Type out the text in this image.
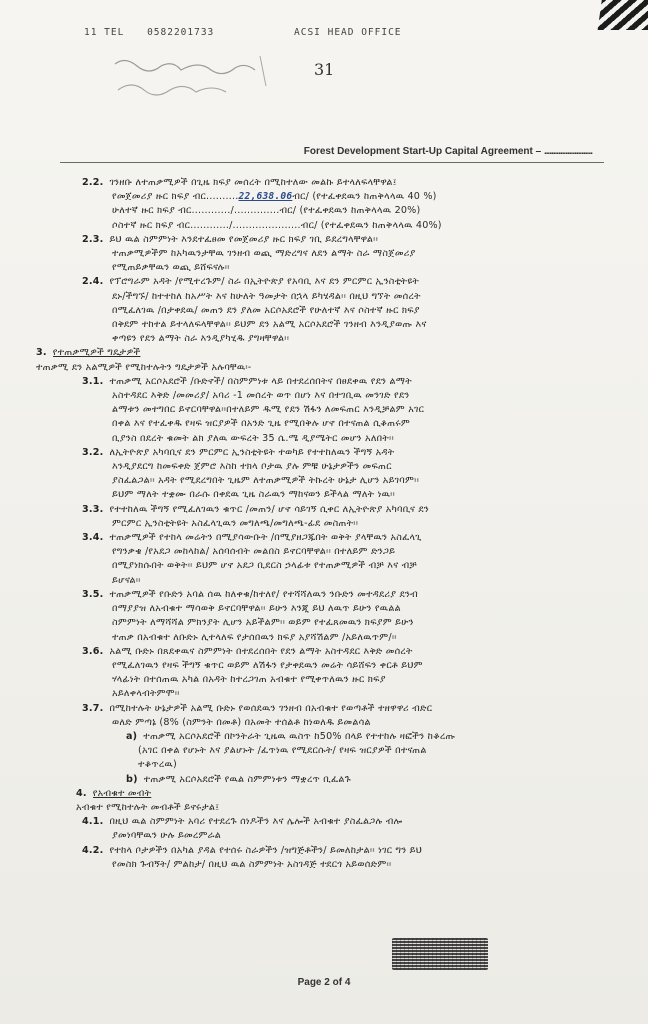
11 TEL 0582201733	ACSI HEAD OFFICE
31
Forest Development Start-Up Capital Agreement – ...........................
2.2. ገንዘቡ ለተጠቃሚዎች በጊዜ ክፍያ መሰረት በሚከተለው መልኩ ይተላለፍላቸዋል፤
የመጀመሪያ ዙር ክፍያ ብር..........22,638.06ብር/ (የተፈቀደዉን ከጠቅላላዉ 40 %)
ሁለተኛ ዙር ክፍያ ብር............/..............ብር/ (የተፈቀደዉን ከጠቅላላዉ 20%)
ሶስተኛ ዙር ክፍያ ብር............/.....................ብር/ (የተፈቀደዉን ከጠቅላላዉ 40%)
2.3. ይህ ዉል ስምምነት እንደተፈፀመ የመጀመሪያ ዙር ክፍያ ገቢ ይደረግላቸዋል፡፡
ተጠቃሚዎችም ከአካዉንታቸዉ ገንዘብ ወጪ ማድረግና ለደን ልማት ስራ ማስጀመሪያ
የሚጠይቃቸዉን ወጪ ይሸፍናሉ፡፡
2.4. የፕሮግራም አዳት /የሚተረጉም/ ስራ በኢትዮጵያ የአባቢ እና ደን ምርምር ኢንስቲትዩት
ደኑ/ችግኙ/ ከተተከለ ከአሥት እና ከሁለት ዓመታት በኋላ ይካሄዳል፡፡ በዚህ ግኘት መሰረት
በሚፈለገዉ /በታቀደዉ/ መጠን ደን ያለመ አርሶአደሮች የሁለተኛ እና ሶስተኛ ዙር ክፍያ
በቅደም ተከተል ይተላለፍላቸዋል፡፡ ይህም ደን አልሚ አርሶአደሮች ገንዘብ እንዲያወጡ እና
ቀጣዩን የደን ልማት ስራ እንዲያካሂዱ ያግዛቸዋል፡፡
3. የተጠቃሚዎች ግዴታዎች
ተጠቃሚ ደን አልሚዎች የሚከተሉትን ግዴታዎች አሉባቸዉ፡-
3.1. ተጠቃሚ አርሶአደሮች /ቡድኖች/ በስምምነቱ ላይ በተደረሰበትና በፀደቀዉ የደን ልማት
አስተዳደር እቅድ /መመሪያ/ አባሪ -1 መሰረት ወጥ በሆነ እና በተገቢዉ መንገድ የደን
ልማቱን መተግበር ይኖርባቸዋል፡፡በተለይም ዱሚ የደን ሽፋን ለመፍጠር እንዲቻልም አገር
በቀል እና የተፈቀዱ የዛፍ ዝርያዎች በአንድ ጊዜ የሚበቅሉ ሆኖ በተናጠል ሲቆጠሩም
ቢያንስ በደረት ቁመት ልክ ያለዉ ውፍረት 35 ሴ.ሜ ዲያሜትር መሆን አለበት፡፡
3.2. ለኢትዮጵያ አካባቢና ደን ምርምር ኢንስቲትዩት ተወካይ የተተከለዉን ችግኝ አዳት
እንዲያደርግ ከመፍቀድ ጀምሮ እስከ ተክላ ቦታዉ ያሉ ምቹ ሁኔታዎችን መፍጠር
ያስፈልጋል፡፡ አዳት የሚደረግበት ጊዜም ለተጠቃሚዎች ትኩረት ሁኔታ ሊሆን አይገባም፡፡
ይህም ማለት ተቋሙ በራሱ በቀደዉ ጊዜ ስራዉን ማከናወን ይችላል ማለት ነዉ፡፡
3.3. የተተከለዉ ችግኝ የሚፈለገዉን ቁጥር /መጠን/ ሆኖ ሳይገኝ ሲቀር ለኢትዮጵያ አካባቢና ደን
ምርምር ኢንስቲትዩት አስፈላጊዉን መግለጫ/መግለጫ-ፊደ መስጠት፡፡
3.4. ተጠቃሚዎች የተከላ መሬትን በሚያሳውቡት /በሚያዘጋጁበት ወቅት ያላቸዉን አስፈላጊ
የግንቃቄ /የአደጋ መከላከል/ አሰባሰብት መልበስ ይኖርባቸዋል፡፡ በተለይም ድንጋይ
በሚያነክሱበት ወቅት፡፡ ይህም ሆኖ አደጋ ቢደርስ ኃላፊቱ የተጠቃሚዎች ብቻ እና ብቻ
ይሆናል፡፡
3.5. ተጠቃሚዎች የቡድን አባል ሰዉ ከለቀቁ/ከተለየ/ የተሻሻለዉን ንቡድን መተዳደሪያ ደንብ
በማያያዝ ለአብቁተ ማሳወቅ ይኖርባቸዋል፡፡ ይሁን እንጂ ይህ ለዉጥ ይሁን የዉልል
ስምምነት ለማሻሻል ምክንያት ሊሆን አይችልም፡፡ ወይም የተፈጸመዉን ክፍያም ይሁን
ተጠቃ በአብቁተ ለቡድኑ ሊተላለፍ የታሰበዉን ክፍያ አያሻሽልም /አይለዉጥም/፡፡
3.6. አልሚ ቡድኑ በጸደቀዉና ስምምነት በተደረሰበት የደን ልማት አስተዳደር እቅድ መሰረት
የሚፈለገዉን የዛፍ ችግኝ ቁጥር ወይም ለሽፋን የታቀደዉን መሬት ሳይሸፍን ቀርቶ ይህም
ሃላፊነት በተሰጠዉ አካል በአዳት ከተረጋገጠ አብቁተ የሚቀጥለዉን ዙር ክፍያ
አይለቀላብትምሞ፡፡
3.7. በሚከተሉት ሁኔታዎች አልሚ ቡድኑ የወሰደዉን ገንዘብ በአብቁተ የወጣቶች ተዘዋዋሪ ብድር
ወለድ ምጣኔ (8% (ስምንት በመቶ) በአመት ተሰልቶ ከነወለዱ ይመልሳል
a) ተጠቃሚ አርሶአደሮች በኮንትራት ጊዜዉ ዉስጥ ከ50% በላይ የተተከሉ ዛፎችን ከቆረጡ
(አገር በቀል የሆኑት እና ያልሆኑት /ፈጥነዉ የሚደርሱት/ የዛፍ ዝርያዎች በተናጠል
ተቆጥረዉ)
b) ተጠቃሚ አርሶአደሮች የዉል ስምምነቱን ማቋረጥ ቢፈልጉ
4. የአብቁተ መብት
አብቁተ የሚከተሉት መብቶች ይኖሩታል፤
4.1. በዚህ ዉል ስምምነት አባሪ የተደረጉ ሰነዶችን እና ሌሎች አብቁተ ያስፈልጋሉ ብሎ
ያመነባቸዉን ሁሉ ይመረምራል
4.2. የተከላ ቦታዎችን በአካል ያዳል የተሰሩ ስራዎችን /ዝግጅቶችን/ ይመለከታል፡፡ ነገር ግን ይህ
የመስክ ጉብኝት/ ምልከታ/ በዚህ ዉል ስምምነት አስገዳጅ ተደርጎ አይወሰድም፡፡
Page 2 of 4
